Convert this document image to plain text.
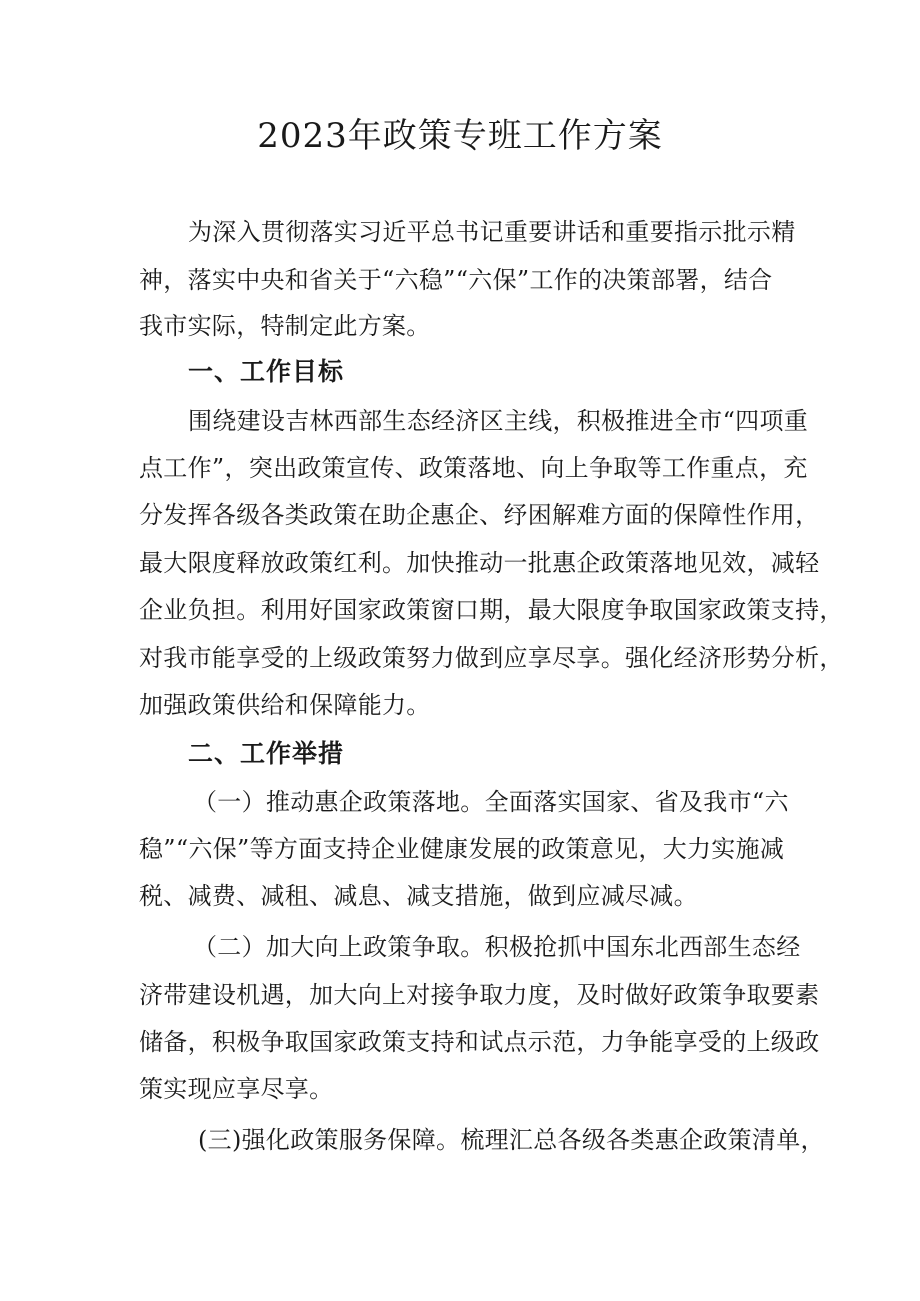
2023年政策专班工作方案
为深入贯彻落实习近平总书记重要讲话和重要指示批示精
神，落实中央和省关于“六稳”“六保”工作的决策部署，结合
我市实际，特制定此方案。
一、工作目标
围绕建设吉林西部生态经济区主线，积极推进全市“四项重
点工作”，突出政策宣传、政策落地、向上争取等工作重点，充
分发挥各级各类政策在助企惠企、纾困解难方面的保障性作用，
最大限度释放政策红利。加快推动一批惠企政策落地见效，减轻
企业负担。利用好国家政策窗口期，最大限度争取国家政策支持，
对我市能享受的上级政策努力做到应享尽享。强化经济形势分析，
加强政策供给和保障能力。
二、工作举措
（一）推动惠企政策落地。全面落实国家、省及我市“六
稳”“六保”等方面支持企业健康发展的政策意见，大力实施减
税、减费、减租、减息、减支措施，做到应减尽减。
（二）加大向上政策争取。积极抢抓中国东北西部生态经
济带建设机遇，加大向上对接争取力度，及时做好政策争取要素
储备，积极争取国家政策支持和试点示范，力争能享受的上级政
策实现应享尽享。
(三)强化政策服务保障。梳理汇总各级各类惠企政策清单，
